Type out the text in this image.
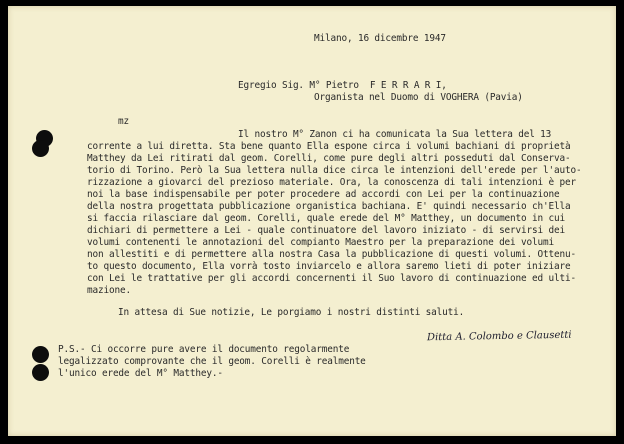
Milano, 16 dicembre 1947
Egregio Sig. M° Pietro  F E R R A R I,
Organista nel Duomo di VOGHERA (Pavia)
mz
Il nostro M° Zanon ci ha comunicata la Sua lettera del 13
corrente a lui diretta. Sta bene quanto Ella espone circa i volumi bachiani di proprietà
Matthey da Lei ritirati dal geom. Corelli, come pure degli altri posseduti dal Conserva-
torio di Torino. Però la Sua lettera nulla dice circa le intenzioni dell'erede per l'auto-
rizzazione a giovarci del prezioso materiale. Ora, la conoscenza di tali intenzioni è per
noi la base indispensabile per poter procedere ad accordi con Lei per la continuazione
della nostra progettata pubblicazione organistica bachiana. E' quindi necessario ch'Ella
si faccia rilasciare dal geom. Corelli, quale erede del M° Matthey, un documento in cui
dichiari di permettere a Lei - quale continuatore del lavoro iniziato - di servirsi dei
volumi contenenti le annotazioni del compianto Maestro per la preparazione dei volumi
non allestiti e di permettere alla nostra Casa la pubblicazione di questi volumi. Ottenu-
to questo documento, Ella vorrà tosto inviarcelo e allora saremo lieti di poter iniziare
con Lei le trattative per gli accordi concernenti il Suo lavoro di continuazione ed ulti-
mazione.
In attesa di Sue notizie, Le porgiamo i nostri distinti saluti.
Ditta A. Colombo e Clausetti
P.S.- Ci occorre pure avere il documento regolarmente
legalizzato comprovante che il geom. Corelli è realmente
l'unico erede del M° Matthey.-
